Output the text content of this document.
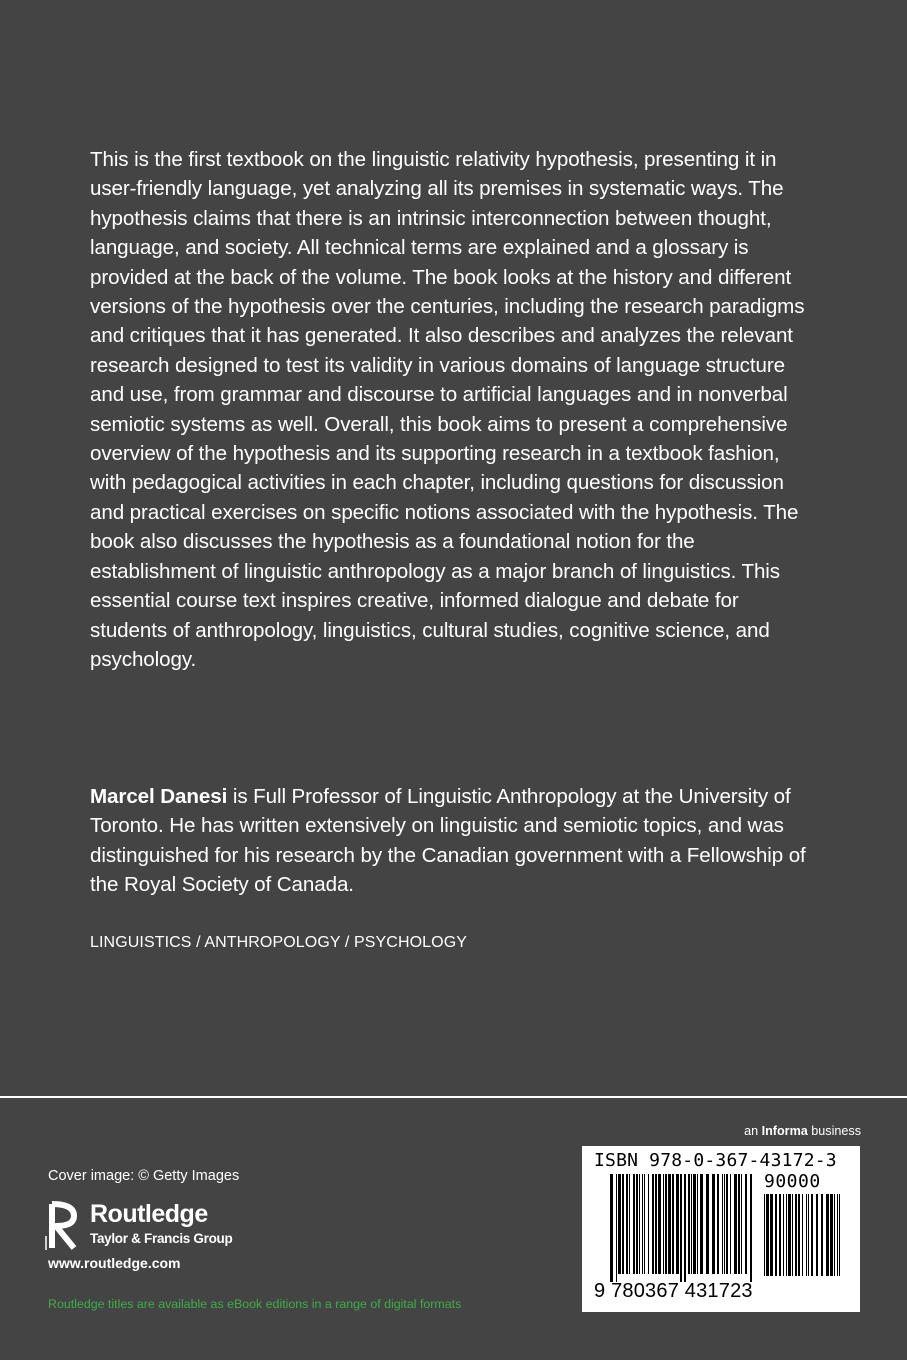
This is the first textbook on the linguistic relativity hypothesis, presenting it in user-friendly language, yet analyzing all its premises in systematic ways. The hypothesis claims that there is an intrinsic interconnection between thought, language, and society. All technical terms are explained and a glossary is provided at the back of the volume. The book looks at the history and different versions of the hypothesis over the centuries, including the research paradigms and critiques that it has generated. It also describes and analyzes the relevant research designed to test its validity in various domains of language structure and use, from grammar and discourse to artificial languages and in nonverbal semiotic systems as well. Overall, this book aims to present a comprehensive overview of the hypothesis and its supporting research in a textbook fashion, with pedagogical activities in each chapter, including questions for discussion and practical exercises on specific notions associated with the hypothesis. The book also discusses the hypothesis as a foundational notion for the establishment of linguistic anthropology as a major branch of linguistics. This essential course text inspires creative, informed dialogue and debate for students of anthropology, linguistics, cultural studies, cognitive science, and psychology.
Marcel Danesi is Full Professor of Linguistic Anthropology at the University of Toronto. He has written extensively on linguistic and semiotic topics, and was distinguished for his research by the Canadian government with a Fellowship of the Royal Society of Canada.
LINGUISTICS / ANTHROPOLOGY / PSYCHOLOGY
an Informa business
Cover image: © Getty Images
Routledge
Taylor & Francis Group
www.routledge.com
Routledge titles are available as eBook editions in a range of digital formats
ISBN 978-0-367-43172-3
90000
9 780367 431723
